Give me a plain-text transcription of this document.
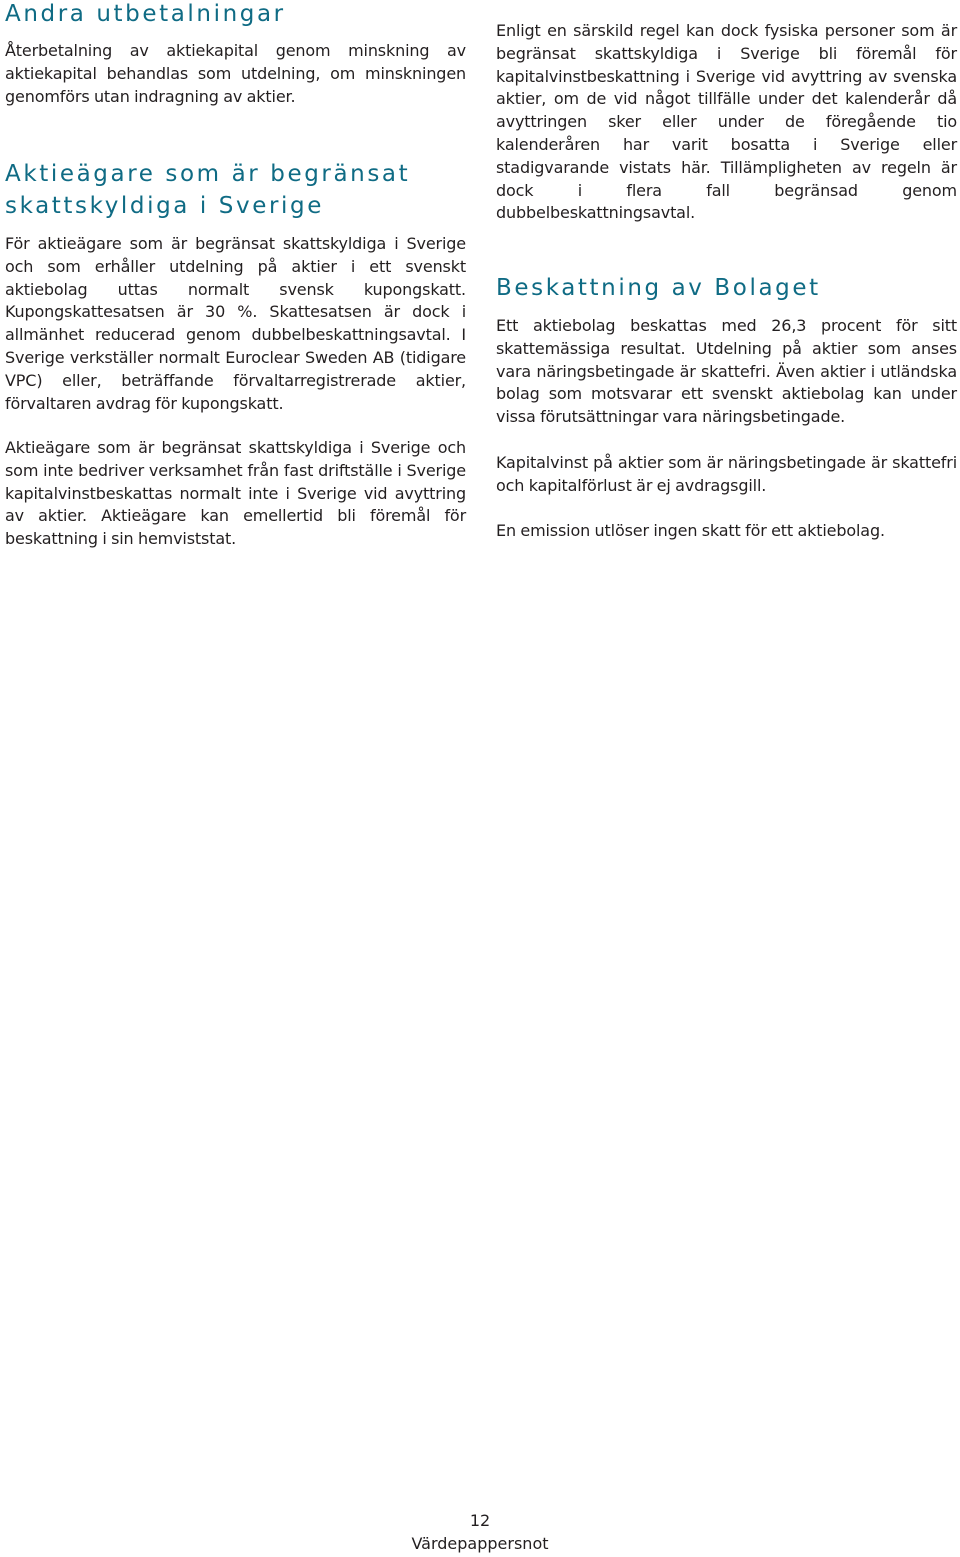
Andra utbetalningar

Återbetalning av aktiekapital genom minskning av aktiekapital behandlas som utdelning, om minskningen genomförs utan indragning av aktier.

Aktieägare som är begränsat skattskyldiga i Sverige

För aktieägare som är begränsat skattskyldiga i Sverige och som erhåller utdelning på aktier i ett svenskt aktiebolag uttas normalt svensk kupongskatt. Kupongskattesatsen är 30 %. Skattesatsen är dock i allmänhet reducerad genom dubbelbeskattningsavtal. I Sverige verkställer normalt Euroclear Sweden AB (tidigare VPC) eller, beträffande förvaltarregistrerade aktier, förvaltaren avdrag för kupongskatt.

Aktieägare som är begränsat skattskyldiga i Sverige och som inte bedriver verksamhet från fast driftställe i Sverige kapitalvinstbeskattas normalt inte i Sverige vid avyttring av aktier. Aktieägare kan emellertid bli föremål för beskattning i sin hemviststat.

Enligt en särskild regel kan dock fysiska personer som är begränsat skattskyldiga i Sverige bli föremål för kapitalvinstbeskattning i Sverige vid avyttring av svenska aktier, om de vid något tillfälle under det kalenderår då avyttringen sker eller under de föregående tio kalenderåren har varit bosatta i Sverige eller stadigvarande vistats här. Tillämpligheten av regeln är dock i flera fall begränsad genom dubbelbeskattningsavtal.

Beskattning av Bolaget

Ett aktiebolag beskattas med 26,3 procent för sitt skattemässiga resultat. Utdelning på aktier som anses vara näringsbetingade är skattefri. Även aktier i utländska bolag som motsvarar ett svenskt aktiebolag kan under vissa förutsättningar vara näringsbetingade.

Kapitalvinst på aktier som är näringsbetingade är skattefri och kapitalförlust är ej avdragsgill.

En emission utlöser ingen skatt för ett aktiebolag.

12
Värdepappersnot
